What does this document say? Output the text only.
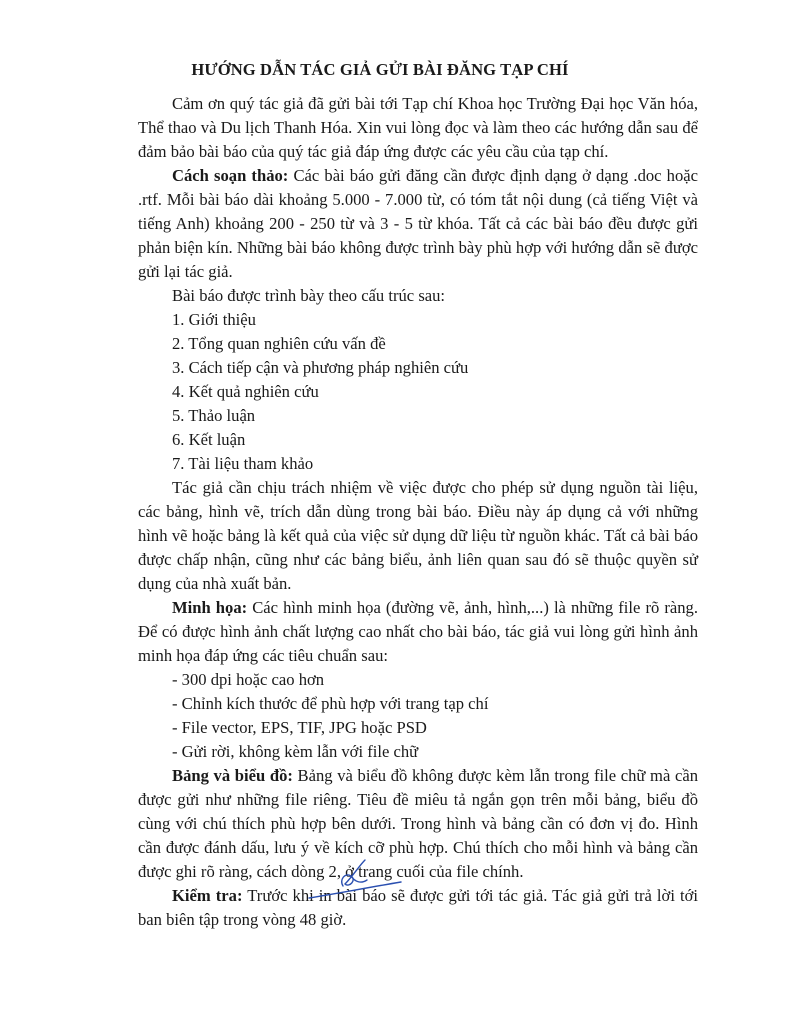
HƯỚNG DẪN TÁC GIẢ GỬI BÀI ĐĂNG TẠP CHÍ

Cảm ơn quý tác giả đã gửi bài tới Tạp chí Khoa học Trường Đại học Văn hóa, Thể thao và Du lịch Thanh Hóa. Xin vui lòng đọc và làm theo các hướng dẫn sau để đảm bảo bài báo của quý tác giả đáp ứng được các yêu cầu của tạp chí.

Cách soạn thảo: Các bài báo gửi đăng cần được định dạng ở dạng .doc hoặc .rtf. Mỗi bài báo dài khoảng 5.000 - 7.000 từ, có tóm tắt nội dung (cả tiếng Việt và tiếng Anh) khoảng 200 - 250 từ và 3 - 5 từ khóa. Tất cả các bài báo đều được gửi phản biện kín. Những bài báo không được trình bày phù hợp với hướng dẫn sẽ được gửi lại tác giả.

Bài báo được trình bày theo cấu trúc sau:

1. Giới thiệu
2. Tổng quan nghiên cứu vấn đề
3. Cách tiếp cận và phương pháp nghiên cứu
4. Kết quả nghiên cứu
5. Thảo luận
6. Kết luận
7. Tài liệu tham khảo

Tác giả cần chịu trách nhiệm về việc được cho phép sử dụng nguồn tài liệu, các bảng, hình vẽ, trích dẫn dùng trong bài báo. Điều này áp dụng cả với những hình vẽ hoặc bảng là kết quả của việc sử dụng dữ liệu từ nguồn khác. Tất cả bài báo được chấp nhận, cũng như các bảng biểu, ảnh liên quan sau đó sẽ thuộc quyền sử dụng của nhà xuất bản.

Minh họa: Các hình minh họa (đường vẽ, ảnh, hình,...) là những file rõ ràng. Để có được hình ảnh chất lượng cao nhất cho bài báo, tác giả vui lòng gửi hình ảnh minh họa đáp ứng các tiêu chuẩn sau:

- 300 dpi hoặc cao hơn
- Chỉnh kích thước để phù hợp với trang tạp chí
- File vector, EPS, TIF, JPG hoặc PSD
- Gửi rời, không kèm lẫn với file chữ

Bảng và biểu đồ: Bảng và biểu đồ không được kèm lẫn trong file chữ mà cần được gửi như những file riêng. Tiêu đề miêu tả ngắn gọn trên mỗi bảng, biểu đồ cùng với chú thích phù hợp bên dưới. Trong hình và bảng cần có đơn vị đo. Hình cần được đánh dấu, lưu ý về kích cỡ phù hợp. Chú thích cho mỗi hình và bảng cần được ghi rõ ràng, cách dòng 2, ở trang cuối của file chính.

Kiểm tra: Trước khi in bài báo sẽ được gửi tới tác giả. Tác giả gửi trả lời tới ban biên tập trong vòng 48 giờ.
